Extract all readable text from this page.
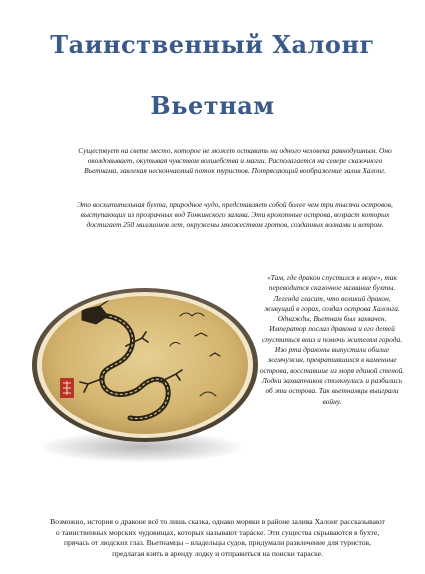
Таинственный Халонг
Вьетнам

Существует на свете место, которое не может оставить ни одного человека равнодушным. Оно околдовывает, окутывая чувством волшебства и магии. Располагается на севере сказочного Вьетнама, завлекая нескончаемый поток туристов. Потрясающий воображение залив Халонг.

Это восхитительная бухта, природное чудо, представляет собой более чем три тысячи островов, выступающих из прозрачных вод Тонкинского залива. Эти крохотные острова, возраст которых достигает 250 миллионов лет, окружены множеством гротов, созданных волнами и ветром.

«Там, где дракон спустился в море», так переводится сказочное название бухты. Легенда гласит, что великий дракон, живущий в горах, создал острова Халонга. Однажды, Вьетнам был захвачен. Император послал дракона и его детей спуститься вниз и помочь жителям города. Изо рта драконы выпустили обилие жемчужин, превратившихся в каменные острова, восставшие из моря единой стеной. Лодки захватчиков столкнулись и разбились об эти острова. Так вьетнамцы выиграли войну.

Возможно, история о драконе всё то лишь сказка, однако моряки в районе залива Халонг рассказывают о таинственных морских чудовищах, которых называют тараске. Эти существа скрываются в бухте, прячась от людских глаз. Вьетнамцы – владельцы судов, придумали развлечение для туристов, предлагая взять в аренду лодку и отправиться на поиски тараске.
